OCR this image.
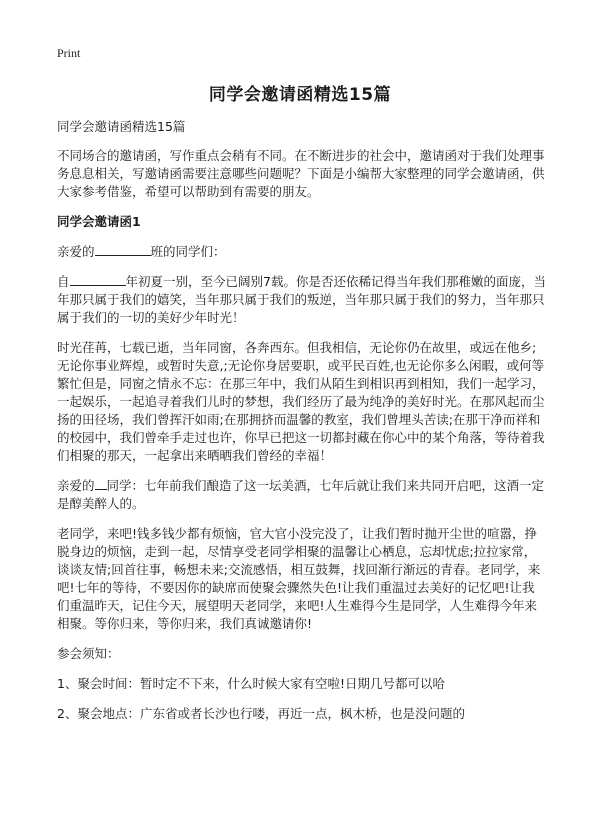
Print
同学会邀请函精选15篇

同学会邀请函精选15篇

不同场合的邀请函，写作重点会稍有不同。在不断进步的社会中，邀请函对于我们处理事务息息相关，写邀请函需要注意哪些问题呢？下面是小编帮大家整理的同学会邀请函，供大家参考借鉴，希望可以帮助到有需要的朋友。

同学会邀请函1

亲爱的	班的同学们：

自	年初夏一别，至今已阔别7载。你是否还依稀记得当年我们那稚嫩的面庞，当年那只属于我们的嬉笑，当年那只属于我们的叛逆，当年那只属于我们的努力，当年那只属于我们的一切的美好少年时光！

时光荏苒，七载已逝，当年同窗，各奔西东。但我相信，无论你仍在故里，或远在他乡;无论你事业辉煌，或暂时失意,;无论你身居要职，或平民百姓,也无论你多么闲暇，或何等繁忙但是，同窗之情永不忘：在那三年中，我们从陌生到相识再到相知，我们一起学习，一起娱乐，一起追寻着我们儿时的梦想，我们经历了最为纯净的美好时光。在那风起而尘扬的田径场，我们曾挥汗如雨;在那拥挤而温馨的教室，我们曾埋头苦读;在那干净而祥和的校园中，我们曾牵手走过也许，你早已把这一切都封藏在你心中的某个角落，等待着我们相聚的那天，一起拿出来晒晒我们曾经的幸福！

亲爱的 同学：七年前我们酿造了这一坛美酒，七年后就让我们来共同开启吧，这酒一定是醇美醉人的。

老同学，来吧!钱多钱少都有烦恼，官大官小没完没了，让我们暂时抛开尘世的喧嚣，挣脱身边的烦恼，走到一起，尽情享受老同学相聚的温馨让心栖息，忘却忧虑;拉拉家常，谈谈友情;回首往事，畅想未来;交流感悟，相互鼓舞，找回渐行渐远的青春。老同学，来吧!七年的等待，不要因你的缺席而使聚会骤然失色!让我们重温过去美好的记忆吧!让我们重温昨天，记住今天，展望明天老同学，来吧!人生难得今生是同学，人生难得今年来相聚。等你归来，等你归来，我们真诚邀请你!

参会须知：

1、聚会时间：暂时定不下来，什么时候大家有空啦!日期几号都可以哈

2、聚会地点：广东省或者长沙也行喽，再近一点，枫木桥，也是没问题的
